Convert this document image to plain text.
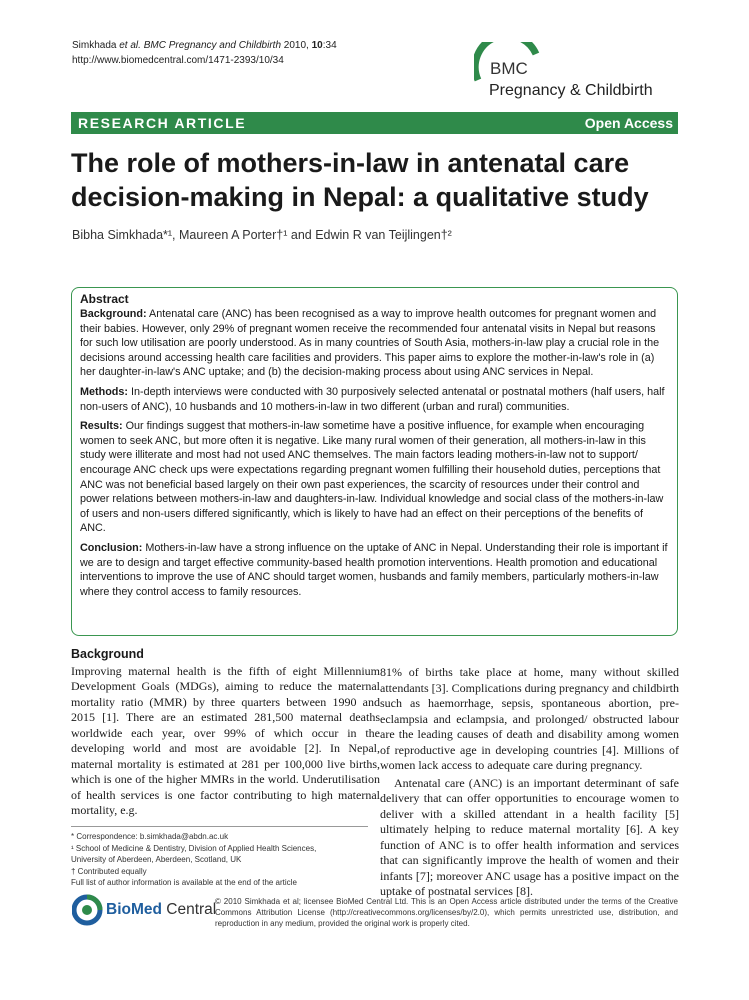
Simkhada et al. BMC Pregnancy and Childbirth 2010, 10:34
http://www.biomedcentral.com/1471-2393/10/34	BMC
Pregnancy & Childbirth
RESEARCH ARTICLE	Open Access
The role of mothers-in-law in antenatal care decision-making in Nepal: a qualitative study
Bibha Simkhada*¹, Maureen A Porter†¹ and Edwin R van Teijlingen†²
Abstract

Background: Antenatal care (ANC) has been recognised as a way to improve health outcomes for pregnant women and their babies. However, only 29% of pregnant women receive the recommended four antenatal visits in Nepal but reasons for such low utilisation are poorly understood. As in many countries of South Asia, mothers-in-law play a crucial role in the decisions around accessing health care facilities and providers. This paper aims to explore the mother-in-law's role in (a) her daughter-in-law's ANC uptake; and (b) the decision-making process about using ANC services in Nepal.

Methods: In-depth interviews were conducted with 30 purposively selected antenatal or postnatal mothers (half users, half non-users of ANC), 10 husbands and 10 mothers-in-law in two different (urban and rural) communities.

Results: Our findings suggest that mothers-in-law sometime have a positive influence, for example when encouraging women to seek ANC, but more often it is negative. Like many rural women of their generation, all mothers-in-law in this study were illiterate and most had not used ANC themselves. The main factors leading mothers-in-law not to support/ encourage ANC check ups were expectations regarding pregnant women fulfilling their household duties, perceptions that ANC was not beneficial based largely on their own past experiences, the scarcity of resources under their control and power relations between mothers-in-law and daughters-in-law. Individual knowledge and social class of the mothers-in-law of users and non-users differed significantly, which is likely to have had an effect on their perceptions of the benefits of ANC.

Conclusion: Mothers-in-law have a strong influence on the uptake of ANC in Nepal. Understanding their role is important if we are to design and target effective community-based health promotion interventions. Health promotion and educational interventions to improve the use of ANC should target women, husbands and family members, particularly mothers-in-law where they control access to family resources.

Background

Improving maternal health is the fifth of eight Millennium Development Goals (MDGs), aiming to reduce the maternal mortality ratio (MMR) by three quarters between 1990 and 2015 [1]. There are an estimated 281,500 maternal deaths worldwide each year, over 99% of which occur in the developing world and most are avoidable [2]. In Nepal, maternal mortality is estimated at 281 per 100,000 live births, which is one of the higher MMRs in the world. Underutilisation of health services is one factor contributing to high maternal mortality, e.g.

81% of births take place at home, many without skilled attendants [3]. Complications during pregnancy and childbirth such as haemorrhage, sepsis, spontaneous abortion, pre-eclampsia and eclampsia, and prolonged/ obstructed labour are the leading causes of death and disability among women of reproductive age in developing countries [4]. Millions of women lack access to adequate care during pregnancy.

Antenatal care (ANC) is an important determinant of safe delivery that can offer opportunities to encourage women to deliver with a skilled attendant in a health facility [5] ultimately helping to reduce maternal mortality [6]. A key function of ANC is to offer health information and services that can significantly improve the health of women and their infants [7]; moreover ANC usage has a positive impact on the uptake of postnatal services [8].

* Correspondence: b.simkhada@abdn.ac.uk
¹ School of Medicine & Dentistry, Division of Applied Health Sciences,
University of Aberdeen, Aberdeen, Scotland, UK
† Contributed equally
Full list of author information is available at the end of the article
BioMed Central
© 2010 Simkhada et al; licensee BioMed Central Ltd. This is an Open Access article distributed under the terms of the Creative Commons Attribution License (http://creativecommons.org/licenses/by/2.0), which permits unrestricted use, distribution, and reproduction in any medium, provided the original work is properly cited.
